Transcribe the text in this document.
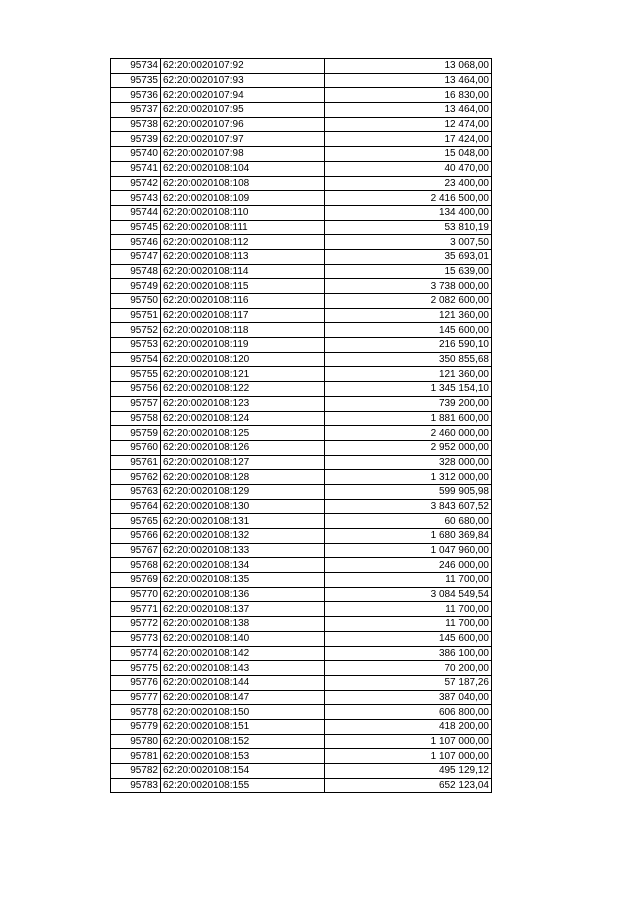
95734	62:20:0020107:92	13 068,00
95735	62:20:0020107:93	13 464,00
95736	62:20:0020107:94	16 830,00
95737	62:20:0020107:95	13 464,00
95738	62:20:0020107:96	12 474,00
95739	62:20:0020107:97	17 424,00
95740	62:20:0020107:98	15 048,00
95741	62:20:0020108:104	40 470,00
95742	62:20:0020108:108	23 400,00
95743	62:20:0020108:109	2 416 500,00
95744	62:20:0020108:110	134 400,00
95745	62:20:0020108:111	53 810,19
95746	62:20:0020108:112	3 007,50
95747	62:20:0020108:113	35 693,01
95748	62:20:0020108:114	15 639,00
95749	62:20:0020108:115	3 738 000,00
95750	62:20:0020108:116	2 082 600,00
95751	62:20:0020108:117	121 360,00
95752	62:20:0020108:118	145 600,00
95753	62:20:0020108:119	216 590,10
95754	62:20:0020108:120	350 855,68
95755	62:20:0020108:121	121 360,00
95756	62:20:0020108:122	1 345 154,10
95757	62:20:0020108:123	739 200,00
95758	62:20:0020108:124	1 881 600,00
95759	62:20:0020108:125	2 460 000,00
95760	62:20:0020108:126	2 952 000,00
95761	62:20:0020108:127	328 000,00
95762	62:20:0020108:128	1 312 000,00
95763	62:20:0020108:129	599 905,98
95764	62:20:0020108:130	3 843 607,52
95765	62:20:0020108:131	60 680,00
95766	62:20:0020108:132	1 680 369,84
95767	62:20:0020108:133	1 047 960,00
95768	62:20:0020108:134	246 000,00
95769	62:20:0020108:135	11 700,00
95770	62:20:0020108:136	3 084 549,54
95771	62:20:0020108:137	11 700,00
95772	62:20:0020108:138	11 700,00
95773	62:20:0020108:140	145 600,00
95774	62:20:0020108:142	386 100,00
95775	62:20:0020108:143	70 200,00
95776	62:20:0020108:144	57 187,26
95777	62:20:0020108:147	387 040,00
95778	62:20:0020108:150	606 800,00
95779	62:20:0020108:151	418 200,00
95780	62:20:0020108:152	1 107 000,00
95781	62:20:0020108:153	1 107 000,00
95782	62:20:0020108:154	495 129,12
95783	62:20:0020108:155	652 123,04
